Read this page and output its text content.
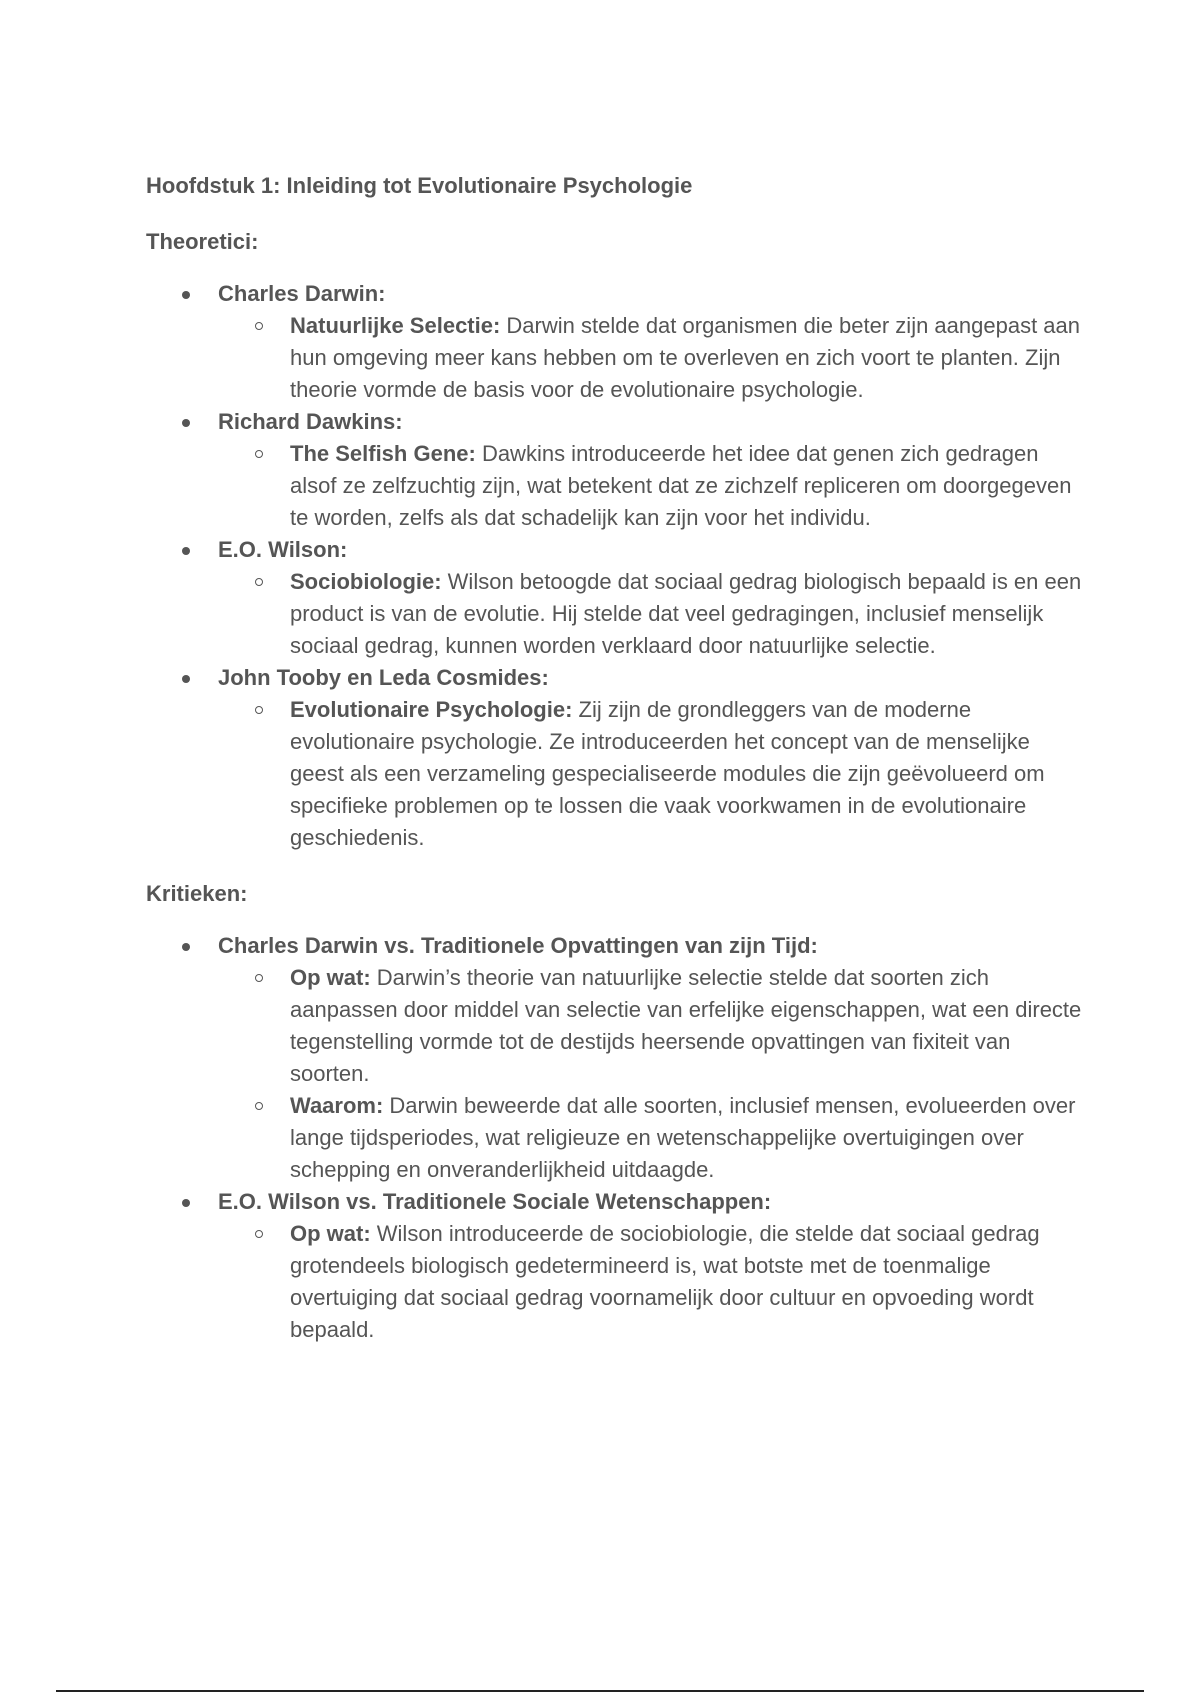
Hoofdstuk 1: Inleiding tot Evolutionaire Psychologie
Theoretici:
Charles Darwin:
Natuurlijke Selectie: Darwin stelde dat organismen die beter zijn aangepast aan hun omgeving meer kans hebben om te overleven en zich voort te planten. Zijn theorie vormde de basis voor de evolutionaire psychologie.
Richard Dawkins:
The Selfish Gene: Dawkins introduceerde het idee dat genen zich gedragen alsof ze zelfzuchtig zijn, wat betekent dat ze zichzelf repliceren om doorgegeven te worden, zelfs als dat schadelijk kan zijn voor het individu.
E.O. Wilson:
Sociobiologie: Wilson betoogde dat sociaal gedrag biologisch bepaald is en een product is van de evolutie. Hij stelde dat veel gedragingen, inclusief menselijk sociaal gedrag, kunnen worden verklaard door natuurlijke selectie.
John Tooby en Leda Cosmides:
Evolutionaire Psychologie: Zij zijn de grondleggers van de moderne evolutionaire psychologie. Ze introduceerden het concept van de menselijke geest als een verzameling gespecialiseerde modules die zijn geëvolueerd om specifieke problemen op te lossen die vaak voorkwamen in de evolutionaire geschiedenis.
Kritieken:
Charles Darwin vs. Traditionele Opvattingen van zijn Tijd:
Op wat: Darwin’s theorie van natuurlijke selectie stelde dat soorten zich aanpassen door middel van selectie van erfelijke eigenschappen, wat een directe tegenstelling vormde tot de destijds heersende opvattingen van fixiteit van soorten.
Waarom: Darwin beweerde dat alle soorten, inclusief mensen, evolueerden over lange tijdsperiodes, wat religieuze en wetenschappelijke overtuigingen over schepping en onveranderlijkheid uitdaagde.
E.O. Wilson vs. Traditionele Sociale Wetenschappen:
Op wat: Wilson introduceerde de sociobiologie, die stelde dat sociaal gedrag grotendeels biologisch gedetermineerd is, wat botste met de toenmalige overtuiging dat sociaal gedrag voornamelijk door cultuur en opvoeding wordt bepaald.
